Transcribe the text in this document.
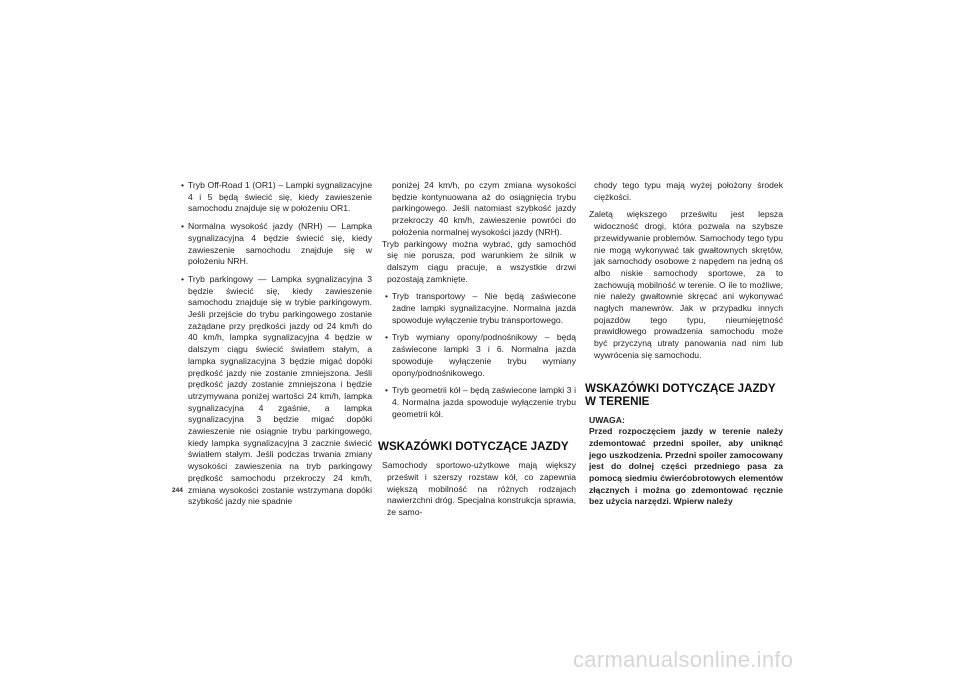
• Tryb Off-Road 1 (OR1) – Lampki sygnalizacyjne 4 i 5 będą świecić się, kiedy zawieszenie samochodu znajduje się w położeniu OR1.

• Normalna wysokość jazdy (NRH) — Lampka sygnalizacyjna 4 będzie świecić się, kiedy zawieszenie samochodu znajduje się w położeniu NRH.

• Tryb parkingowy — Lampka sygnalizacyjna 3 będzie świecić się, kiedy zawieszenie samochodu znajduje się w trybie parkingowym. Jeśli przejście do trybu parkingowego zostanie zażądane przy prędkości jazdy od 24 km/h do 40 km/h, lampka sygnalizacyjna 4 będzie w dalszym ciągu świecić światłem stałym, a lampka sygnalizacyjna 3 będzie migać dopóki prędkość jazdy nie zostanie zmniejszona. Jeśli prędkość jazdy zostanie zmniejszona i będzie utrzymywana poniżej wartości 24 km/h, lampka sygnalizacyjna 4 zgaśnie, a lampka sygnalizacyjna 3 będzie migać dopóki zawieszenie nie osiągnie trybu parkingowego, kiedy lampka sygnalizacyjna 3 zacznie świecić światłem stałym. Jeśli podczas trwania zmiany wysokości zawieszenia na tryb parkingowy prędkość samochodu przekroczy 24 km/h, zmiana wysokości zostanie wstrzymana dopóki szybkość jazdy nie spadnie

poniżej 24 km/h, po czym zmiana wysokości będzie kontynuowana aż do osiągnięcia trybu parkingowego. Jeśli natomiast szybkość jazdy przekroczy 40 km/h, zawieszenie powróci do położenia normalnej wysokości jazdy (NRH).

Tryb parkingowy można wybrać, gdy samochód się nie porusza, pod warunkiem że silnik w dalszym ciągu pracuje, a wszystkie drzwi pozostają zamknięte.

• Tryb transportowy – Nie będą zaświecone żadne lampki sygnalizacyjne. Normalna jazda spowoduje wyłączenie trybu transportowego.

• Tryb wymiany opony/podnośnikowy – będą zaświecone lampki 3 i 6. Normalna jazda spowoduje wyłączenie trybu wymiany opony/podnośnikowego.

• Tryb geometrii kół – będą zaświecone lampki 3 i 4. Normalna jazda spowoduje wyłączenie trybu geometrii kół.

WSKAZÓWKI DOTYCZĄCE JAZDY

Samochody sportowo-użytkowe mają większy prześwit i szerszy rozstaw kół, co zapewnia większą mobilność na różnych rodzajach nawierzchni dróg. Specjalna konstrukcja sprawia, że samo-

chody tego typu mają wyżej położony środek ciężkości.

Zaletą większego prześwitu jest lepsza widoczność drogi, która pozwala na szybsze przewidywanie problemów. Samochody tego typu nie mogą wykonywać tak gwałtownych skrętów, jak samochody osobowe z napędem na jedną oś albo niskie samochody sportowe, za to zachowują mobilność w terenie. O ile to możliwe, nie należy gwałtownie skręcać ani wykonywać nagłych manewrów. Jak w przypadku innych pojazdów tego typu, nieumiejętność prawidłowego prowadzenia samochodu może być przyczyną utraty panowania nad nim lub wywrócenia się samochodu.

WSKAZÓWKI DOTYCZĄCE JAZDY
W TERENIE

UWAGA:

Przed rozpoczęciem jazdy w terenie należy zdemontować przedni spoiler, aby uniknąć jego uszkodzenia. Przedni spoiler zamocowany jest do dolnej części przedniego pasa za pomocą siedmiu ćwierćobrotowych elementów złącznych i można go zdemontować ręcznie bez użycia narzędzi. Wpierw należy

244
carmanualsonline.info
